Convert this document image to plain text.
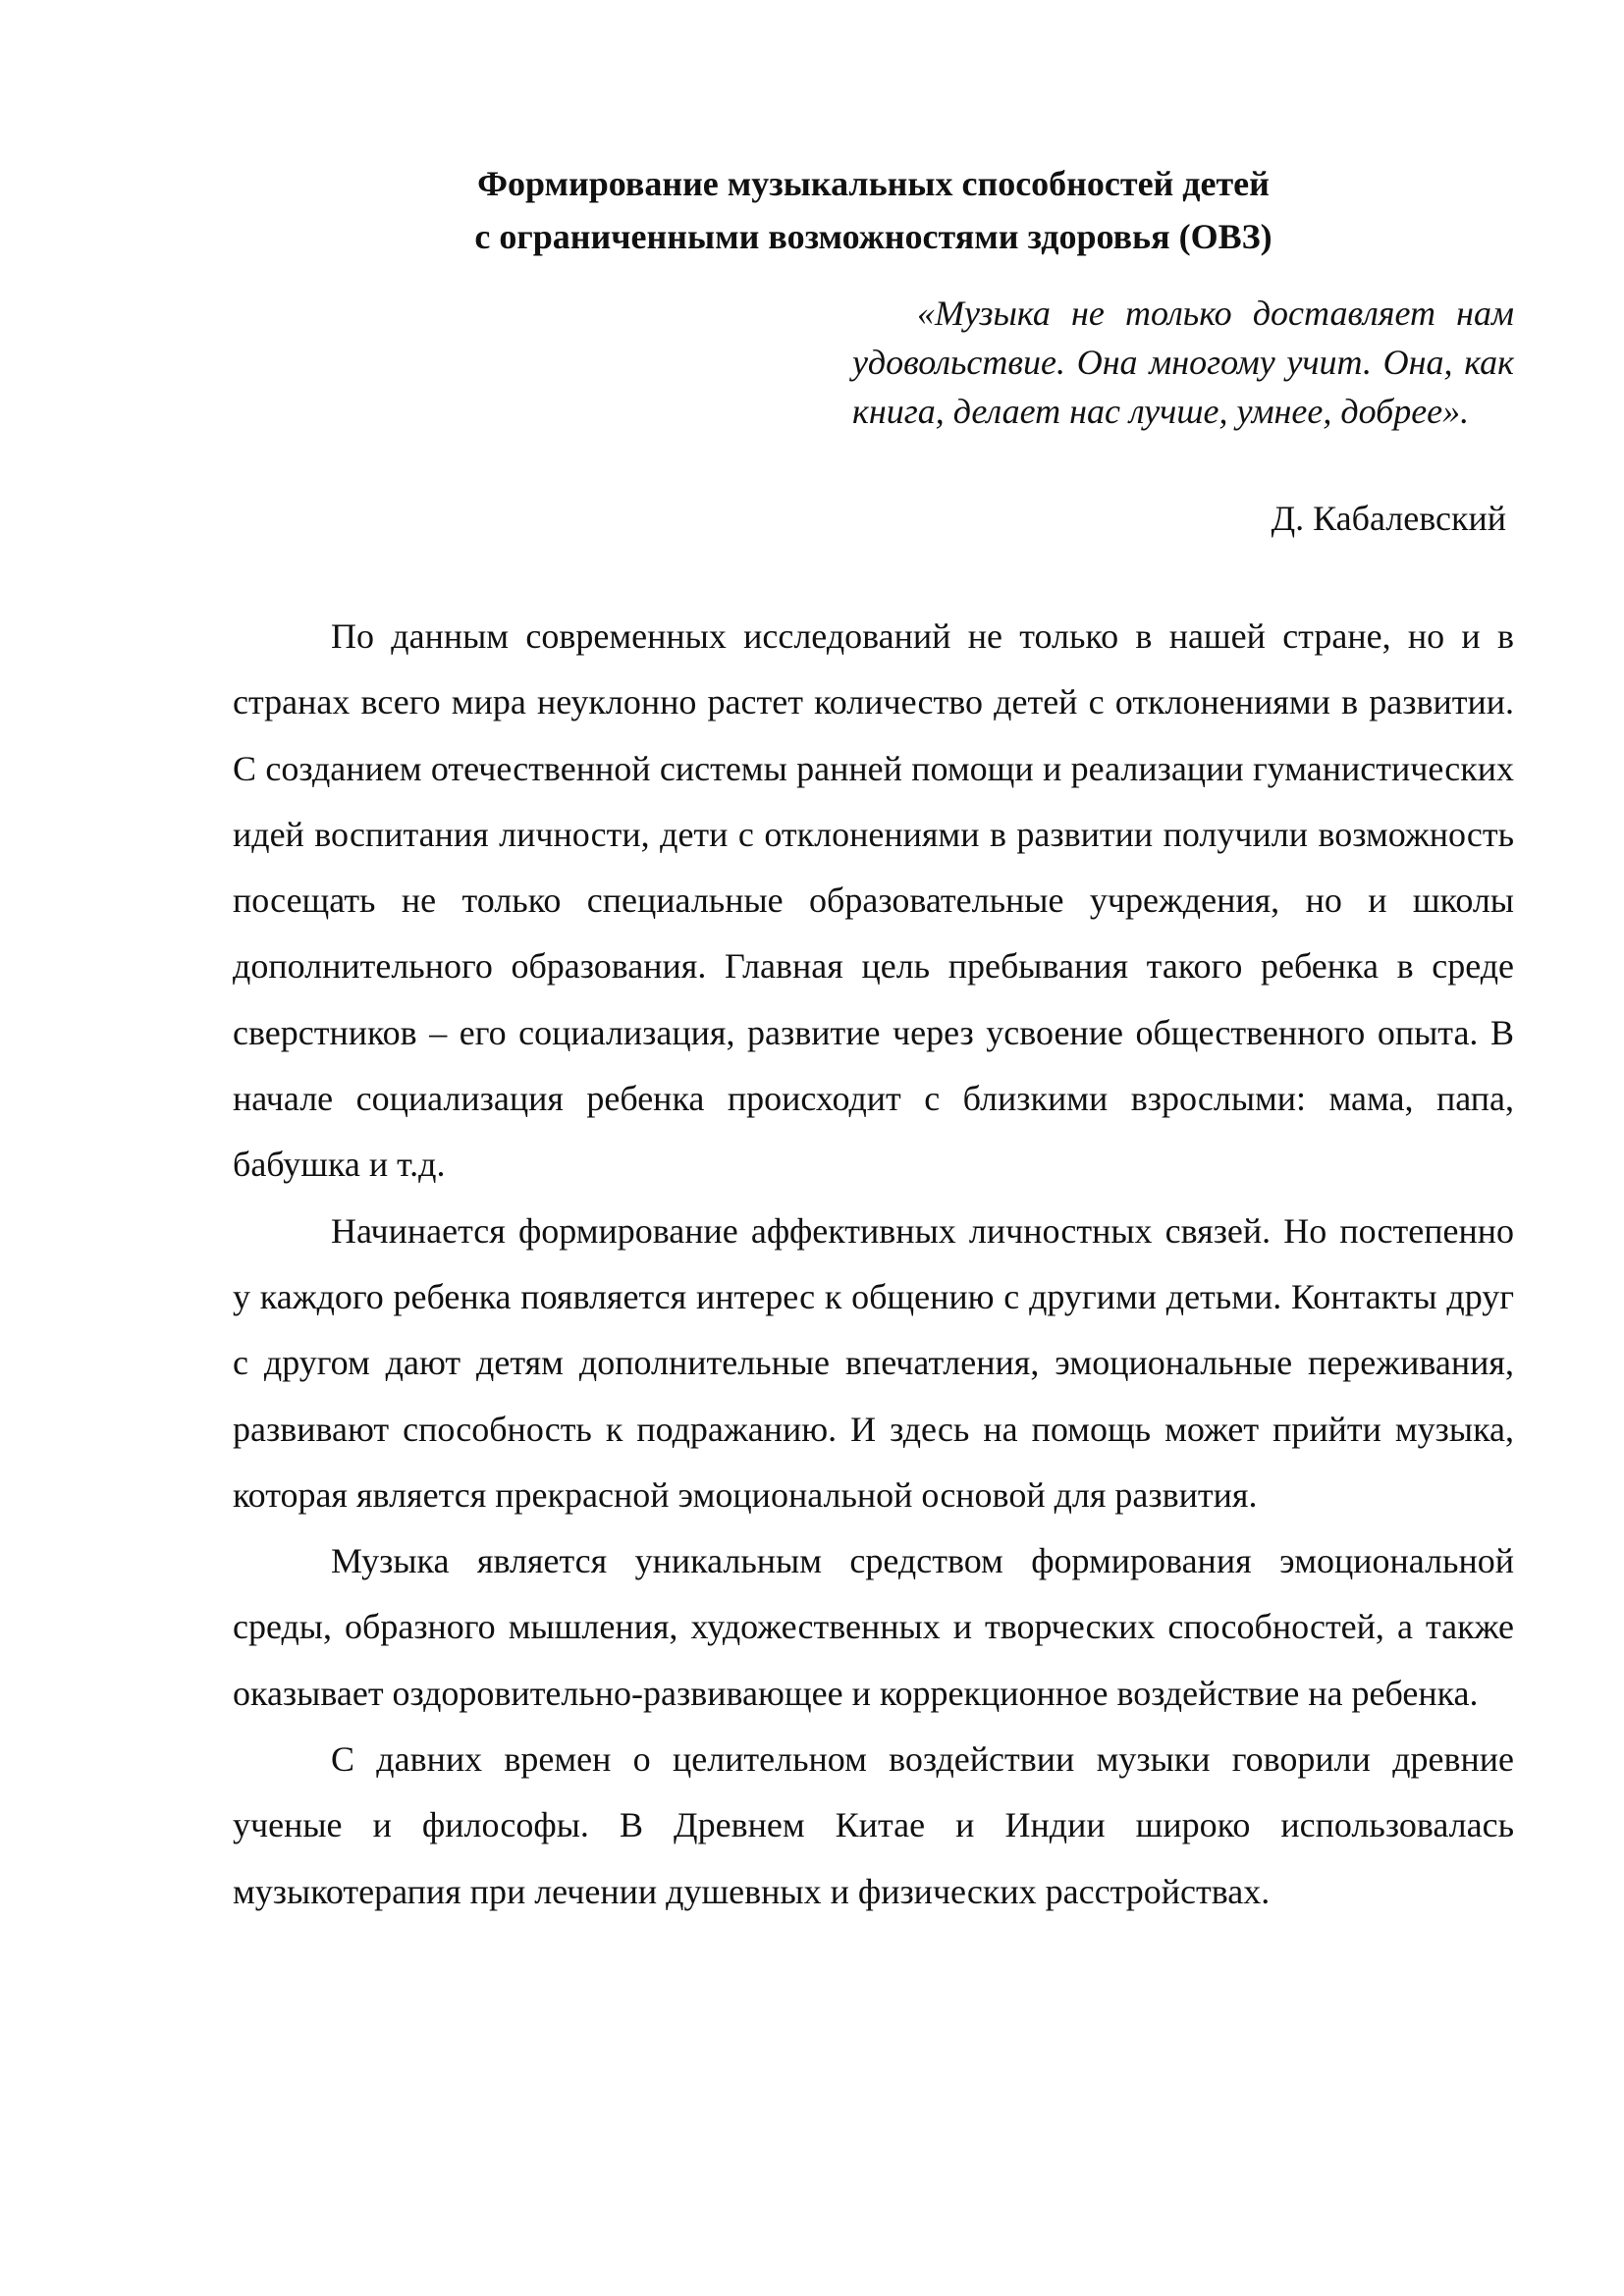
Формирование музыкальных способностей детей
с ограниченными возможностями здоровья (ОВЗ)
«Музыка не только доставляет нам удовольствие. Она многому учит. Она, как книга, делает нас лучше, умнее, добрее».
Д. Кабалевский

По данным современных исследований не только в нашей стране, но и в странах всего мира неуклонно растет количество детей с отклонениями в развитии. С созданием отечественной системы ранней помощи и реализации гуманистических идей воспитания личности, дети с отклонениями в развитии получили возможность посещать не только специальные образовательные учреждения, но и школы дополнительного образования. Главная цель пребывания такого ребенка в среде сверстников – его социализация, развитие через усвоение общественного опыта. В начале социализация ребенка происходит с близкими взрослыми: мама, папа, бабушка и т.д.

Начинается формирование аффективных личностных связей. Но постепенно у каждого ребенка появляется интерес к общению с другими детьми. Контакты друг с другом дают детям дополнительные впечатления, эмоциональные переживания, развивают способность к подражанию. И здесь на помощь может прийти музыка, которая является прекрасной эмоциональной основой для развития.

Музыка является уникальным средством формирования эмоциональной среды, образного мышления, художественных и творческих способностей, а также оказывает оздоровительно-развивающее и коррекционное воздействие на ребенка.

С давних времен о целительном воздействии музыки говорили древние ученые и философы. В Древнем Китае и Индии широко использовалась музыкотерапия при лечении душевных и физических расстройствах.
